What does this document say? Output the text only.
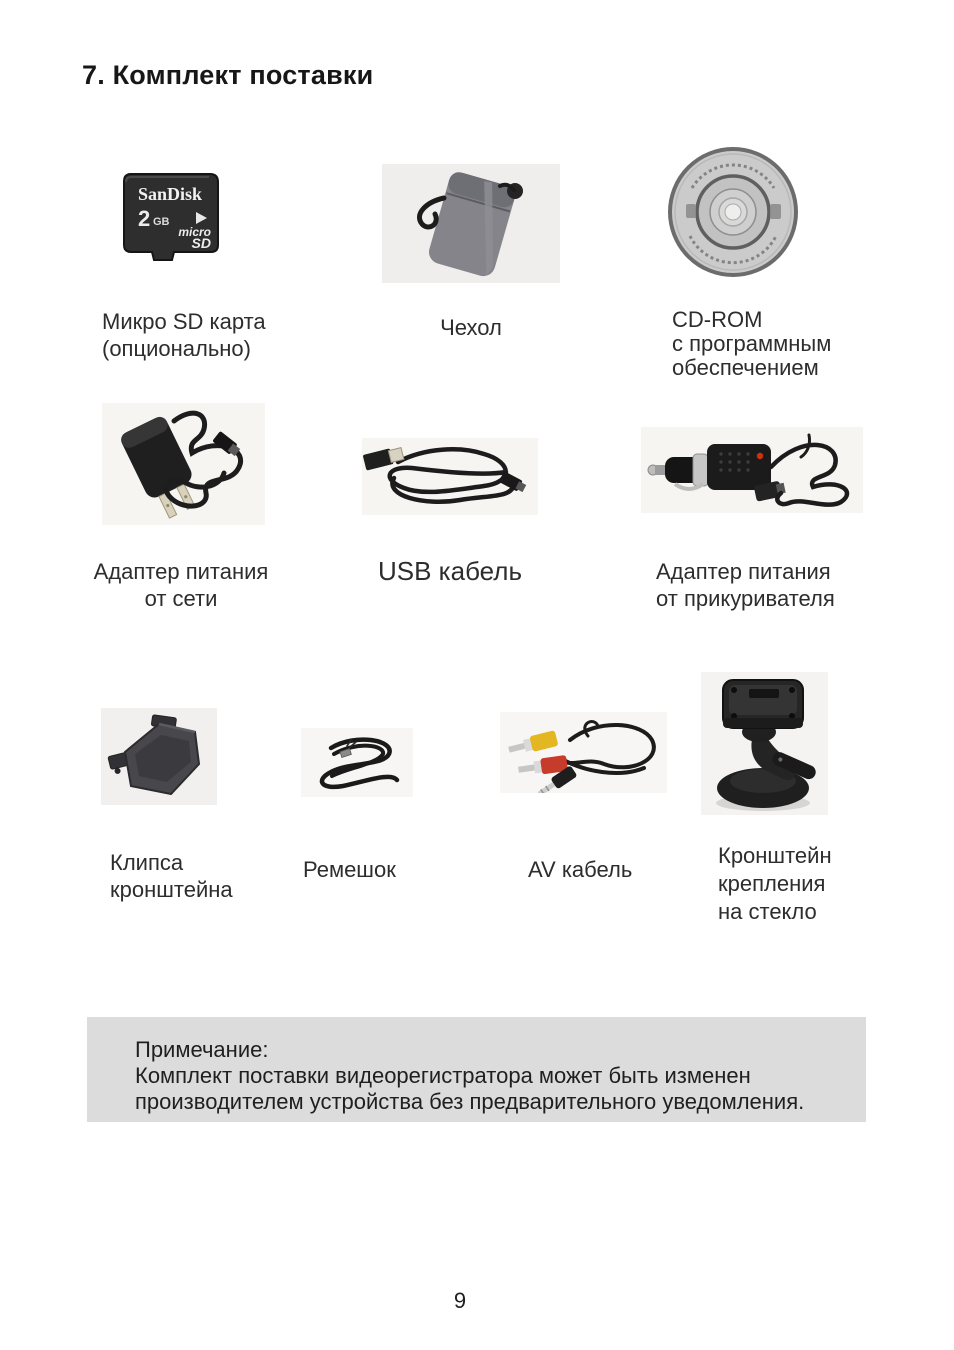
7. Комплект поставки
SanDisk
2 GB
micro
SD
Микро SD карта
(опционально)
Чехол	CD-ROM
с программным
обеспечением
Адаптер питания
от сети
USB кабель	Адаптер питания
от прикуривателя
Клипса
кронштейна
Ремешок	AV кабель
Кронштейн
крепления
на стекло
Примечание:
Комплект поставки видеорегистратора может быть изменен
производителем устройства без предварительного уведомления.
9
